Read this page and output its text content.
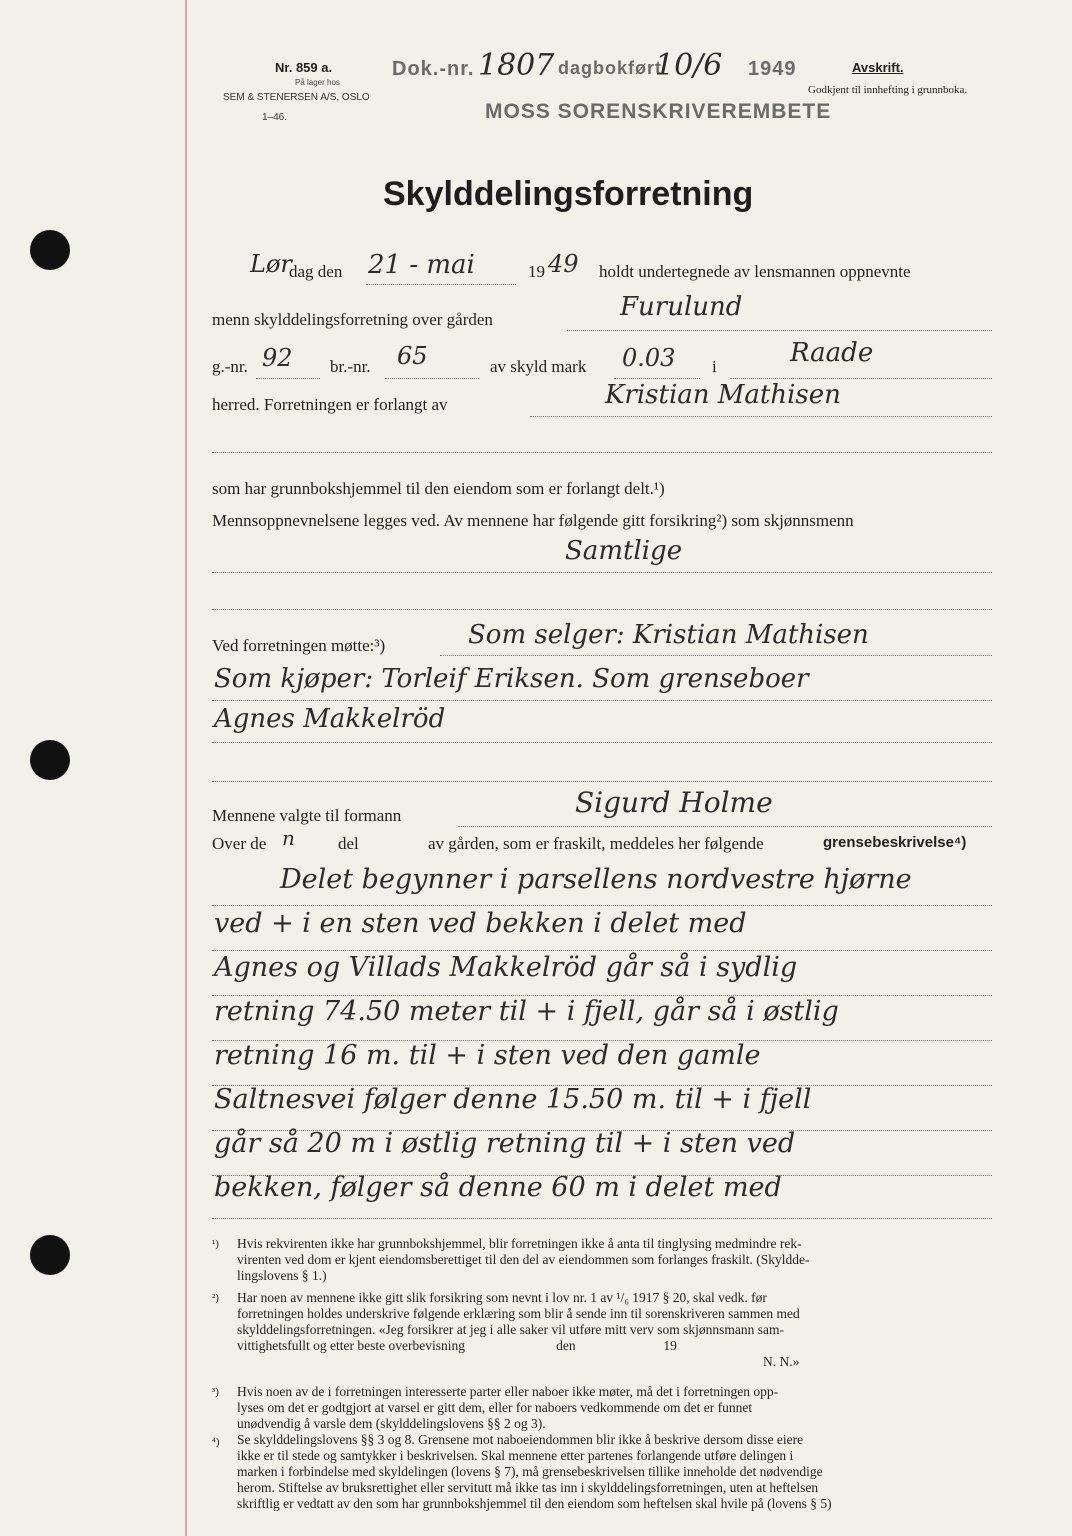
Nr. 859 a.
På lager hos
SEM & STENERSEN A/S, OSLO
1–46.
Dok.-nr. 1807 dagbokført
10/6 1949
MOSS SORENSKRIVEREMBETE
Avskrift.
Godkjent til innhefting i grunnboka.
Skylddelingsforretning
Lør
dag den 21 - mai	19 49 holdt undertegnede av lensmannen oppnevnte
menn skylddelingsforretning over gården	Furulund
g.-nr. 92 br.-nr. 65	av skyld mark 0.03 i	Raade
herred. Forretningen er forlangt av	Kristian Mathisen
som har grunnbokshjemmel til den eiendom som er forlangt delt.¹)
Mennsoppnevnelsene legges ved. Av mennene har følgende gitt forsikring²) som skjønnsmenn
Samtlige
Ved forretningen møtte:³)	Som selger: Kristian Mathisen
Som kjøper: Torleif Eriksen. Som grenseboer
Agnes Makkelröd
Mennene valgte til formann	Sigurd Holme
Over de n	del	av gården, som er fraskilt, meddeles her følgende	grensebeskrivelse⁴)
Delet begynner i parsellens nordvestre hjørne
ved + i en sten ved bekken i delet med
Agnes og Villads Makkelröd går så i sydlig
retning 74.50 meter til + i fjell, går så i østlig
retning 16 m. til + i sten ved den gamle
Saltnesvei følger denne 15.50 m. til + i fjell
går så 20 m i østlig retning til + i sten ved
bekken, følger så denne 60 m i delet med
¹) Hvis rekvirenten ikke har grunnbokshjemmel, blir forretningen ikke å anta til tinglysing medmindre rek-
virenten ved dom er kjent eiendomsberettiget til den del av eiendommen som forlanges fraskilt. (Skyldde-
lingslovens § 1.)
²) Har noen av mennene ikke gitt slik forsikring som nevnt i lov nr. 1 av ¹/₆ 1917 § 20, skal vedk. før
forretningen holdes underskrive følgende erklæring som blir å sende inn til sorenskriveren sammen med
skylddelingsforretningen. «Jeg forsikrer at jeg i alle saker vil utføre mitt verv som skjønnsmann sam-
vittighetsfullt og etter beste overbevisning                           den                          19
N. N.»
³) Hvis noen av de i forretningen interesserte parter eller naboer ikke møter, må det i forretningen opp-
lyses om det er godtgjort at varsel er gitt dem, eller for naboers vedkommende om det er funnet
unødvendig å varsle dem (skylddelingslovens §§ 2 og 3).
⁴) Se skylddelingslovens §§ 3 og 8. Grensene mot naboeiendommen blir ikke å beskrive dersom disse eiere
ikke er til stede og samtykker i beskrivelsen. Skal mennene etter partenes forlangende utføre delingen i
marken i forbindelse med skyldelingen (lovens § 7), må grensebeskrivelsen tillike inneholde det nødvendige
herom. Stiftelse av bruksrettighet eller servitutt må ikke tas inn i skylddelingsforretningen, uten at heftelsen
skriftlig er vedtatt av den som har grunnbokshjemmel til den eiendom som heftelsen skal hvile på (lovens § 5)
